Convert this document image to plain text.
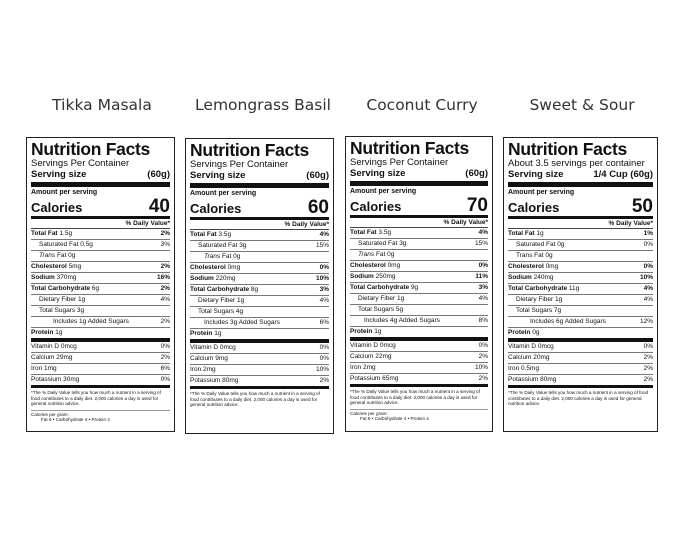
Tikka Masala
Nutrition Facts
Servings Per Container
Serving size	(60g)
Amount per serving
Calories	40
% Daily Value*
Total Fat 1.5g	2%
Saturated Fat 0.5g	3%
Trans Fat 0g
Cholesterol 5mg	2%
Sodium 370mg	16%
Total Carbohydrate 6g	2%
Dietary Fiber 1g	4%
Total Sugars 3g
Includes 1g Added Sugars	2%
Protein 1g
Vitamin D 0mcg	0%
Calcium 29mg	2%
Iron 1mg	6%
Potassium 30mg	0%
*The % Daily Value tells you how much a nutrient in a serving of food contributes to a daily diet. 2,000 calories a day is used for general nutrition advice.
Calories per gram:
Fat 9 • Carbohydrate 4 • Protein 4
Lemongrass Basil
Nutrition Facts
Servings Per Container
Serving size	(60g)
Amount per serving
Calories	60
% Daily Value*
Total Fat 3.5g	4%
Saturated Fat 3g	15%
Trans Fat 0g
Cholesterol 0mg	0%
Sodium 220mg	10%
Total Carbohydrate 8g	3%
Dietary Fiber 1g	4%
Total Sugars 4g
Includes 3g Added Sugars	6%
Protein 1g
Vitamin D 0mcg	0%
Calcium 9mg	0%
Iron 2mg	10%
Potassium 80mg	2%
*The % Daily Value tells you how much a nutrient in a serving of food contributes to a daily diet. 2,000 calories a day is used for general nutrition advice.
Coconut Curry
Nutrition Facts
Servings Per Container
Serving size	(60g)
Amount per serving
Calories	70
% Daily Value*
Total Fat 3.5g	4%
Saturated Fat 3g	15%
Trans Fat 0g
Cholesterol 0mg	0%
Sodium 250mg	11%
Total Carbohydrate 9g	3%
Dietary Fiber 1g	4%
Total Sugars 5g
Includes 4g Added Sugars	8%
Protein 1g
Vitamin D 0mcg	0%
Calcium 22mg	2%
Iron 2mg	10%
Potassium 65mg	2%
*The % Daily Value tells you how much a nutrient in a serving of food contributes to a daily diet. 2,000 calories a day is used for general nutrition advice.
Calories per gram:
Fat 9 • Carbohydrate 4 • Protein 4
Sweet & Sour
Nutrition Facts
About 3.5 servings per container
Serving size	1/4 Cup (60g)
Amount per serving
Calories	50
% Daily Value*
Total Fat 1g	1%
Saturated Fat 0g	0%
Trans Fat 0g
Cholesterol 0mg	0%
Sodium 240mg	10%
Total Carbohydrate 11g	4%
Dietary Fiber 1g	4%
Total Sugars 7g
Includes 6g Added Sugars	12%
Protein 0g
Vitamin D 0mcg	0%
Calcium 20mg	2%
Iron 0.5mg	2%
Potassium 80mg	2%
*The % Daily Value tells you how much a nutrient in a serving of food contributes to a daily diet. 2,000 calories a day is used for general nutrition advice.
